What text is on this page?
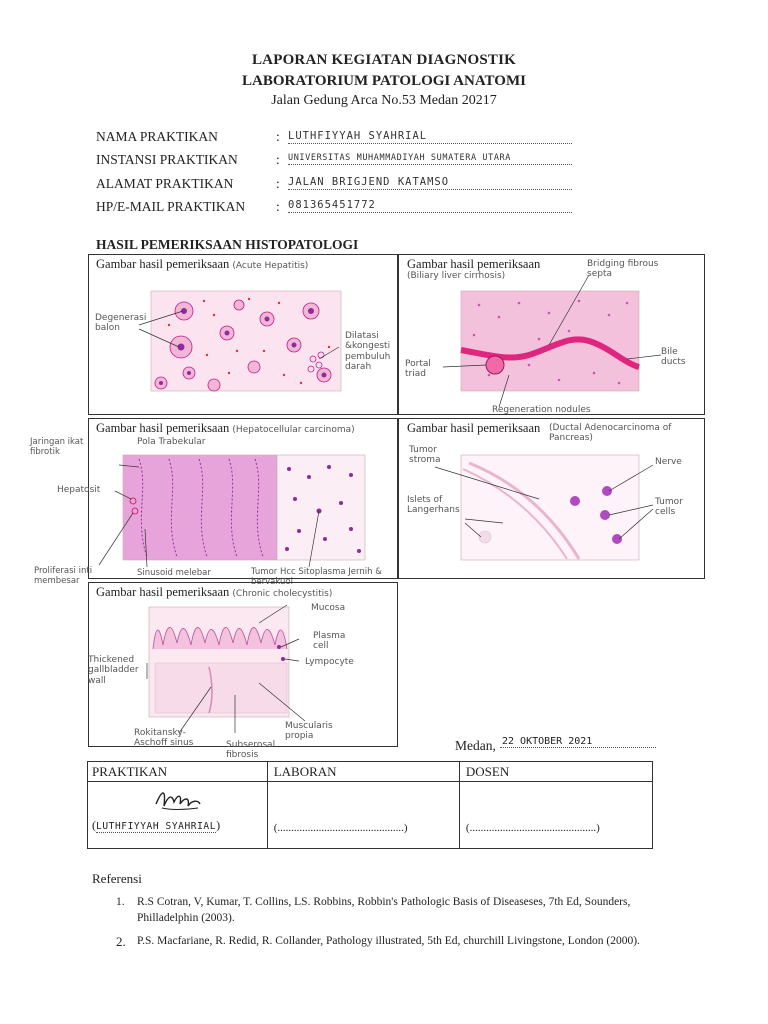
LAPORAN KEGIATAN DIAGNOSTIK
LABORATORIUM PATOLOGI ANATOMI
Jalan Gedung Arca No.53 Medan 20217
NAMA PRAKTIKAN	: LUTHFIYYAH SYAHRIAL
INSTANSI PRAKTIKAN	: UNIVERSITAS MUHAMMADIYAH SUMATERA UTARA
ALAMAT PRAKTIKAN	: JALAN BRIGJEND KATAMSO
HP/E-MAIL PRAKTIKAN : 081365451772
HASIL PEMERIKSAAN HISTOPATOLOGI
Gambar hasil pemeriksaan (Acute Hepatitis)
Degenerasi balon
Dilatasi &kongesti pembuluh darah
Gambar hasil pemeriksaan
(Biliary liver cirrhosis)
Bridging fibrous septa
Portal triad
Bile ducts
Regeneration nodules
Gambar hasil pemeriksaan (Hepatocellular carcinoma)
Pola Trabekular
Hepatosit
Sinusoid melebar	Tumor Hcc Sitoplasma Jernih & bervakuoi
Jaringan ikat fibrotik
Proliferasi inti membesar
Gambar hasil pemeriksaan (Ductal Adenocarcinoma of Pancreas)
Tumor stroma
Islets of Langerhans
Nerve
Tumor cells
Gambar hasil pemeriksaan (Chronic cholecystitis)
Mucosa
Plasma cell
Lympocyte
Thickened gallbladder wall
Muscularis propia
Rokitansky-Aschoff sinus	Subserosal fibrosis
Medan, 22 OKTOBER 2021
PRAKTIKAN	LABORAN	DOSEN

(LUTHFIYYAH SYAHRIAL)	(..............................................)	(..............................................)
Referensi
1. R.S Cotran, V, Kumar, T. Collins, LS. Robbins, Robbin's Pathologic Basis of Diseaseses, 7th Ed, Sounders, Philladelphin (2003).
2. P.S. Macfariane, R. Redid, R. Collander, Pathology illustrated, 5th Ed, churchill Livingstone, London (2000).
